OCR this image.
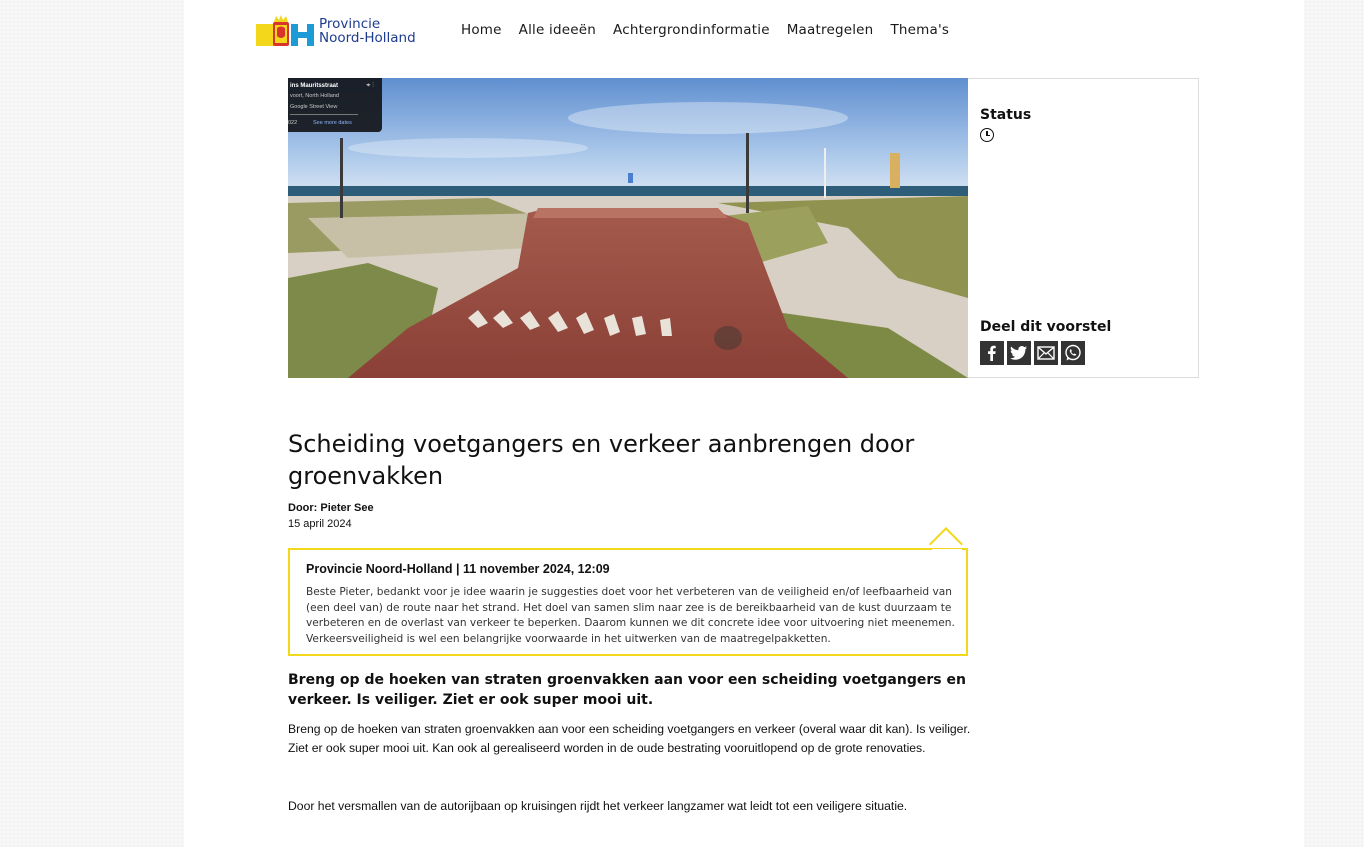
Provincie
Noord-Holland	Home Alle ideeën Achtergrondinformatie Maatregelen Thema's
ins Mauritsstraat	⌖ ⋮
voort, North Holland
Google Street View
022	See more dates	Status
Deel dit voorstel
Scheiding voetgangers en verkeer aanbrengen door groenvakken
Door: Pieter See
15 april 2024
Provincie Noord-Holland | 11 november 2024, 12:09
Beste Pieter, bedankt voor je idee waarin je suggesties doet voor het verbeteren van de veiligheid en/of leefbaarheid van (een deel van) de route naar het strand. Het doel van samen slim naar zee is de bereikbaarheid van de kust duurzaam te verbeteren en de overlast van verkeer te beperken. Daarom kunnen we dit concrete idee voor uitvoering niet meenemen. Verkeersveiligheid is wel een belangrijke voorwaarde in het uitwerken van de maatregelpakketten.
Breng op de hoeken van straten groenvakken aan voor een scheiding voetgangers en verkeer. Is veiliger. Ziet er ook super mooi uit.

Breng op de hoeken van straten groenvakken aan voor een scheiding voetgangers en verkeer (overal waar dit kan). Is veiliger. Ziet er ook super mooi uit. Kan ook al gerealiseerd worden in de oude bestrating vooruitlopend op de grote renovaties.

Door het versmallen van de autorijbaan op kruisingen rijdt het verkeer langzamer wat leidt tot een veiligere situatie.
